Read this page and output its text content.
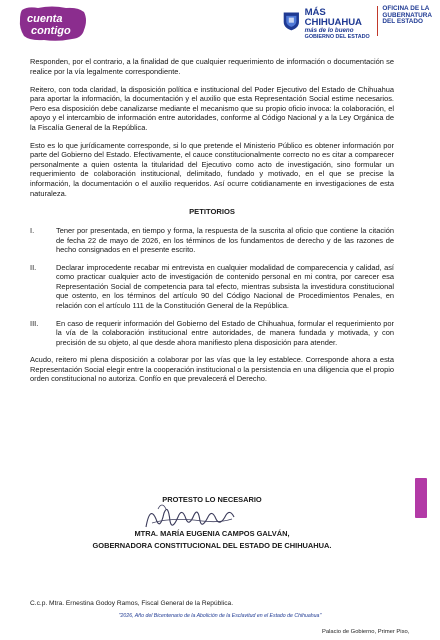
cuenta
contigo
MÁS CHIHUAHUA
más de lo bueno
GOBIERNO DEL ESTADO
OFICINA DE LA
GUBERNATURA
DEL ESTADO

Responden, por el contrario, a la finalidad de que cualquier requerimiento de información o documentación se realice por la vía legalmente correspondiente.

Reitero, con toda claridad, la disposición política e institucional del Poder Ejecutivo del Estado de Chihuahua para aportar la información, la documentación y el auxilio que esta Representación Social estime necesarios. Pero esa disposición debe canalizarse mediante el mecanismo que su propio oficio invoca: la colaboración, el apoyo y el intercambio de información entre autoridades, conforme al Código Nacional y a la Ley Orgánica de la Fiscalía General de la República.

Esto es lo que jurídicamente corresponde, si lo que pretende el Ministerio Público es obtener información por parte del Gobierno del Estado. Efectivamente, el cauce constitucionalmente correcto no es citar a comparecer personalmente a quien ostenta la titularidad del Ejecutivo como acto de investigación, sino formular un requerimiento de colaboración institucional, delimitado, fundado y motivado, en el que se precise la información, la documentación o el auxilio requeridos. Así ocurre cotidianamente en investigaciones de esta naturaleza.

PETITORIOS
I.	Tener por presentada, en tiempo y forma, la respuesta de la suscrita al oficio que contiene la citación de fecha 22 de mayo de 2026, en los términos de los fundamentos de derecho y de las razones de hecho consignados en el presente escrito.
II.	Declarar improcedente recabar mi entrevista en cualquier modalidad de comparecencia y calidad, así como practicar cualquier acto de investigación de contenido personal en mi contra, por carecer esa Representación Social de competencia para tal efecto, mientras subsista la investidura constitucional que ostento, en los términos del artículo 90 del Código Nacional de Procedimientos Penales, en relación con el artículo 111 de la Constitución General de la República.
III.	En caso de requerir información del Gobierno del Estado de Chihuahua, formular el requerimiento por la vía de la colaboración institucional entre autoridades, de manera fundada y motivada, y con precisión de su objeto, al que desde ahora manifiesto plena disposición para atender.

Acudo, reitero mi plena disposición a colaborar por las vías que la ley establece. Corresponde ahora a esta Representación Social elegir entre la cooperación institucional o la persistencia en una diligencia que el propio orden constitucional no autoriza. Confío en que prevalecerá el Derecho.

PROTESTO LO NECESARIO
MTRA. MARÍA EUGENIA CAMPOS GALVÁN,
GOBERNADORA CONSTITUCIONAL DEL ESTADO DE CHIHUAHUA.
C.c.p. Mtra. Ernestina Godoy Ramos, Fiscal General de la República.
"2026, Año del Bicentenario de la Abolición de la Esclavitud en el Estado de Chihuahua"
Palacio de Gobierno, Primer Piso,
